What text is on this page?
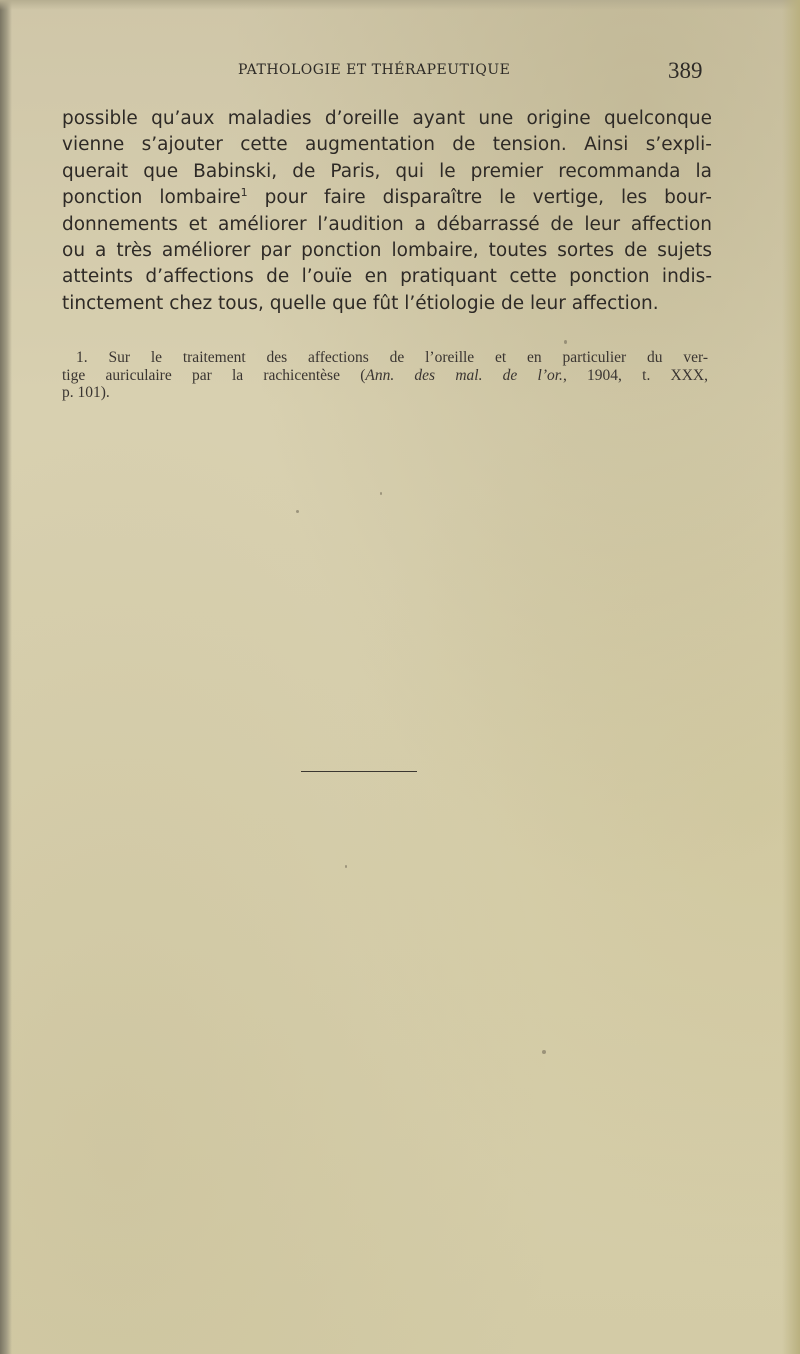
PATHOLOGIE ET THÉRAPEUTIQUE	389
possible qu’aux maladies d’oreille ayant une origine quelconque
vienne s’ajouter cette augmentation de tension. Ainsi s’expli-
querait que Babinski, de Paris, qui le premier recommanda la
ponction lombaire$^1$ pour faire disparaître le vertige, les bour-
donnements et améliorer l’audition a débarrassé de leur affection
ou a très améliorer par ponction lombaire, toutes sortes de sujets
atteints d’affections de l’ouïe en pratiquant cette ponction indis-
tinctement chez tous, quelle que fût l’étiologie de leur affection.
1. Sur le traitement des affections de l’oreille et en particulier du ver-
tige auriculaire par la rachicentèse (Ann. des mal. de l’or., 1904, t. XXX,
p. 101).
